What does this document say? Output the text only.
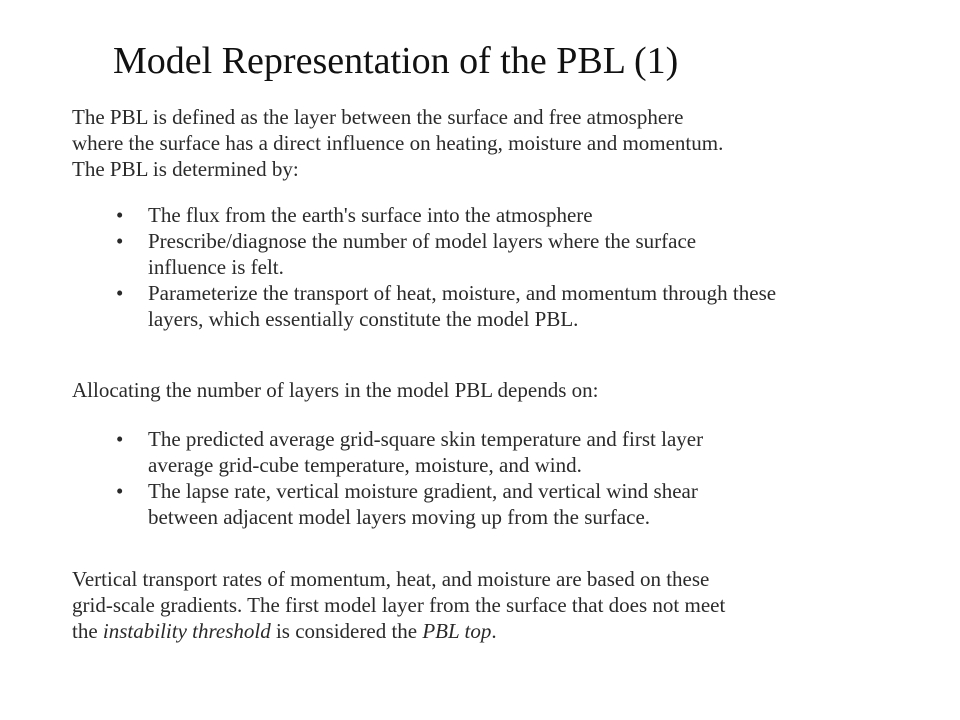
Model Representation of the PBL (1)
The PBL is defined as the layer between the surface and free atmosphere
where the surface has a direct influence on heating, moisture and momentum.
The PBL is determined by:
• The flux from the earth's surface into the atmosphere
• Prescribe/diagnose the number of model layers where the surface
influence is felt.
• Parameterize the transport of heat, moisture, and momentum through these
layers, which essentially constitute the model PBL.
Allocating the number of layers in the model PBL depends on:
• The predicted average grid-square skin temperature and first layer
average grid-cube temperature, moisture, and wind.
• The lapse rate, vertical moisture gradient, and vertical wind shear
between adjacent model layers moving up from the surface.
Vertical transport rates of momentum, heat, and moisture are based on these
grid-scale gradients. The first model layer from the surface that does not meet
the instability threshold is considered the PBL top.
